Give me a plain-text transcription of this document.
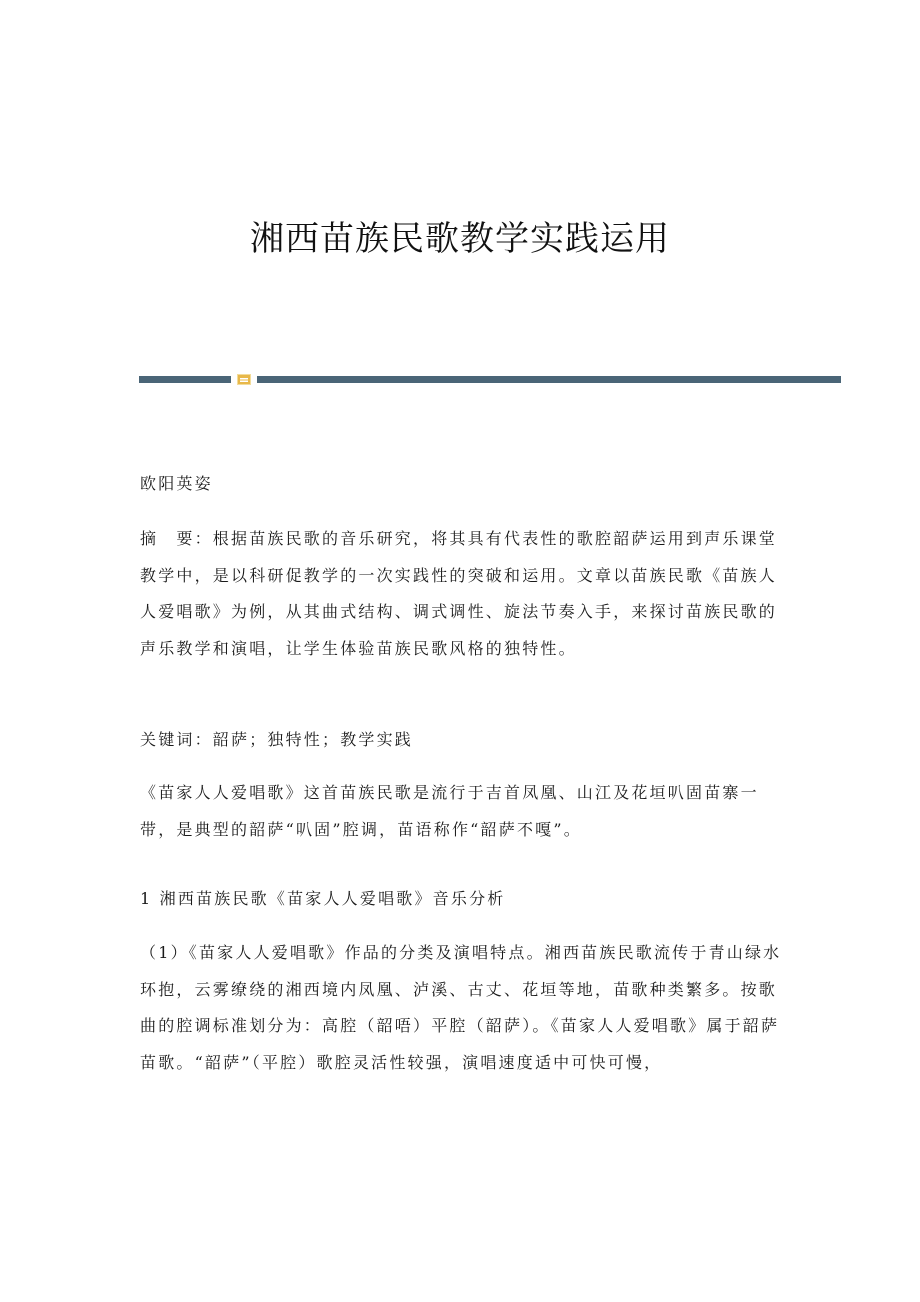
湘西苗族民歌教学实践运用

欧阳英姿

摘　要：根据苗族民歌的音乐研究，将其具有代表性的歌腔韶萨运用到声乐课堂教学中，是以科研促教学的一次实践性的突破和运用。文章以苗族民歌《苗族人人爱唱歌》为例，从其曲式结构、调式调性、旋法节奏入手，来探讨苗族民歌的声乐教学和演唱，让学生体验苗族民歌风格的独特性。

关键词：韶萨；独特性；教学实践

《苗家人人爱唱歌》这首苗族民歌是流行于吉首凤凰、山江及花垣叭固苗寨一带，是典型的韶萨“叭固”腔调，苗语称作“韶萨不嘎”。

1 湘西苗族民歌《苗家人人爱唱歌》音乐分析

（1）《苗家人人爱唱歌》作品的分类及演唱特点。湘西苗族民歌流传于青山绿水环抱，云雾缭绕的湘西境内凤凰、泸溪、古丈、花垣等地，苗歌种类繁多。按歌曲的腔调标准划分为：高腔（韶唔）平腔（韶萨）。《苗家人人爱唱歌》属于韶萨苗歌。“韶萨”（平腔）歌腔灵活性较强，演唱速度适中可快可慢，
